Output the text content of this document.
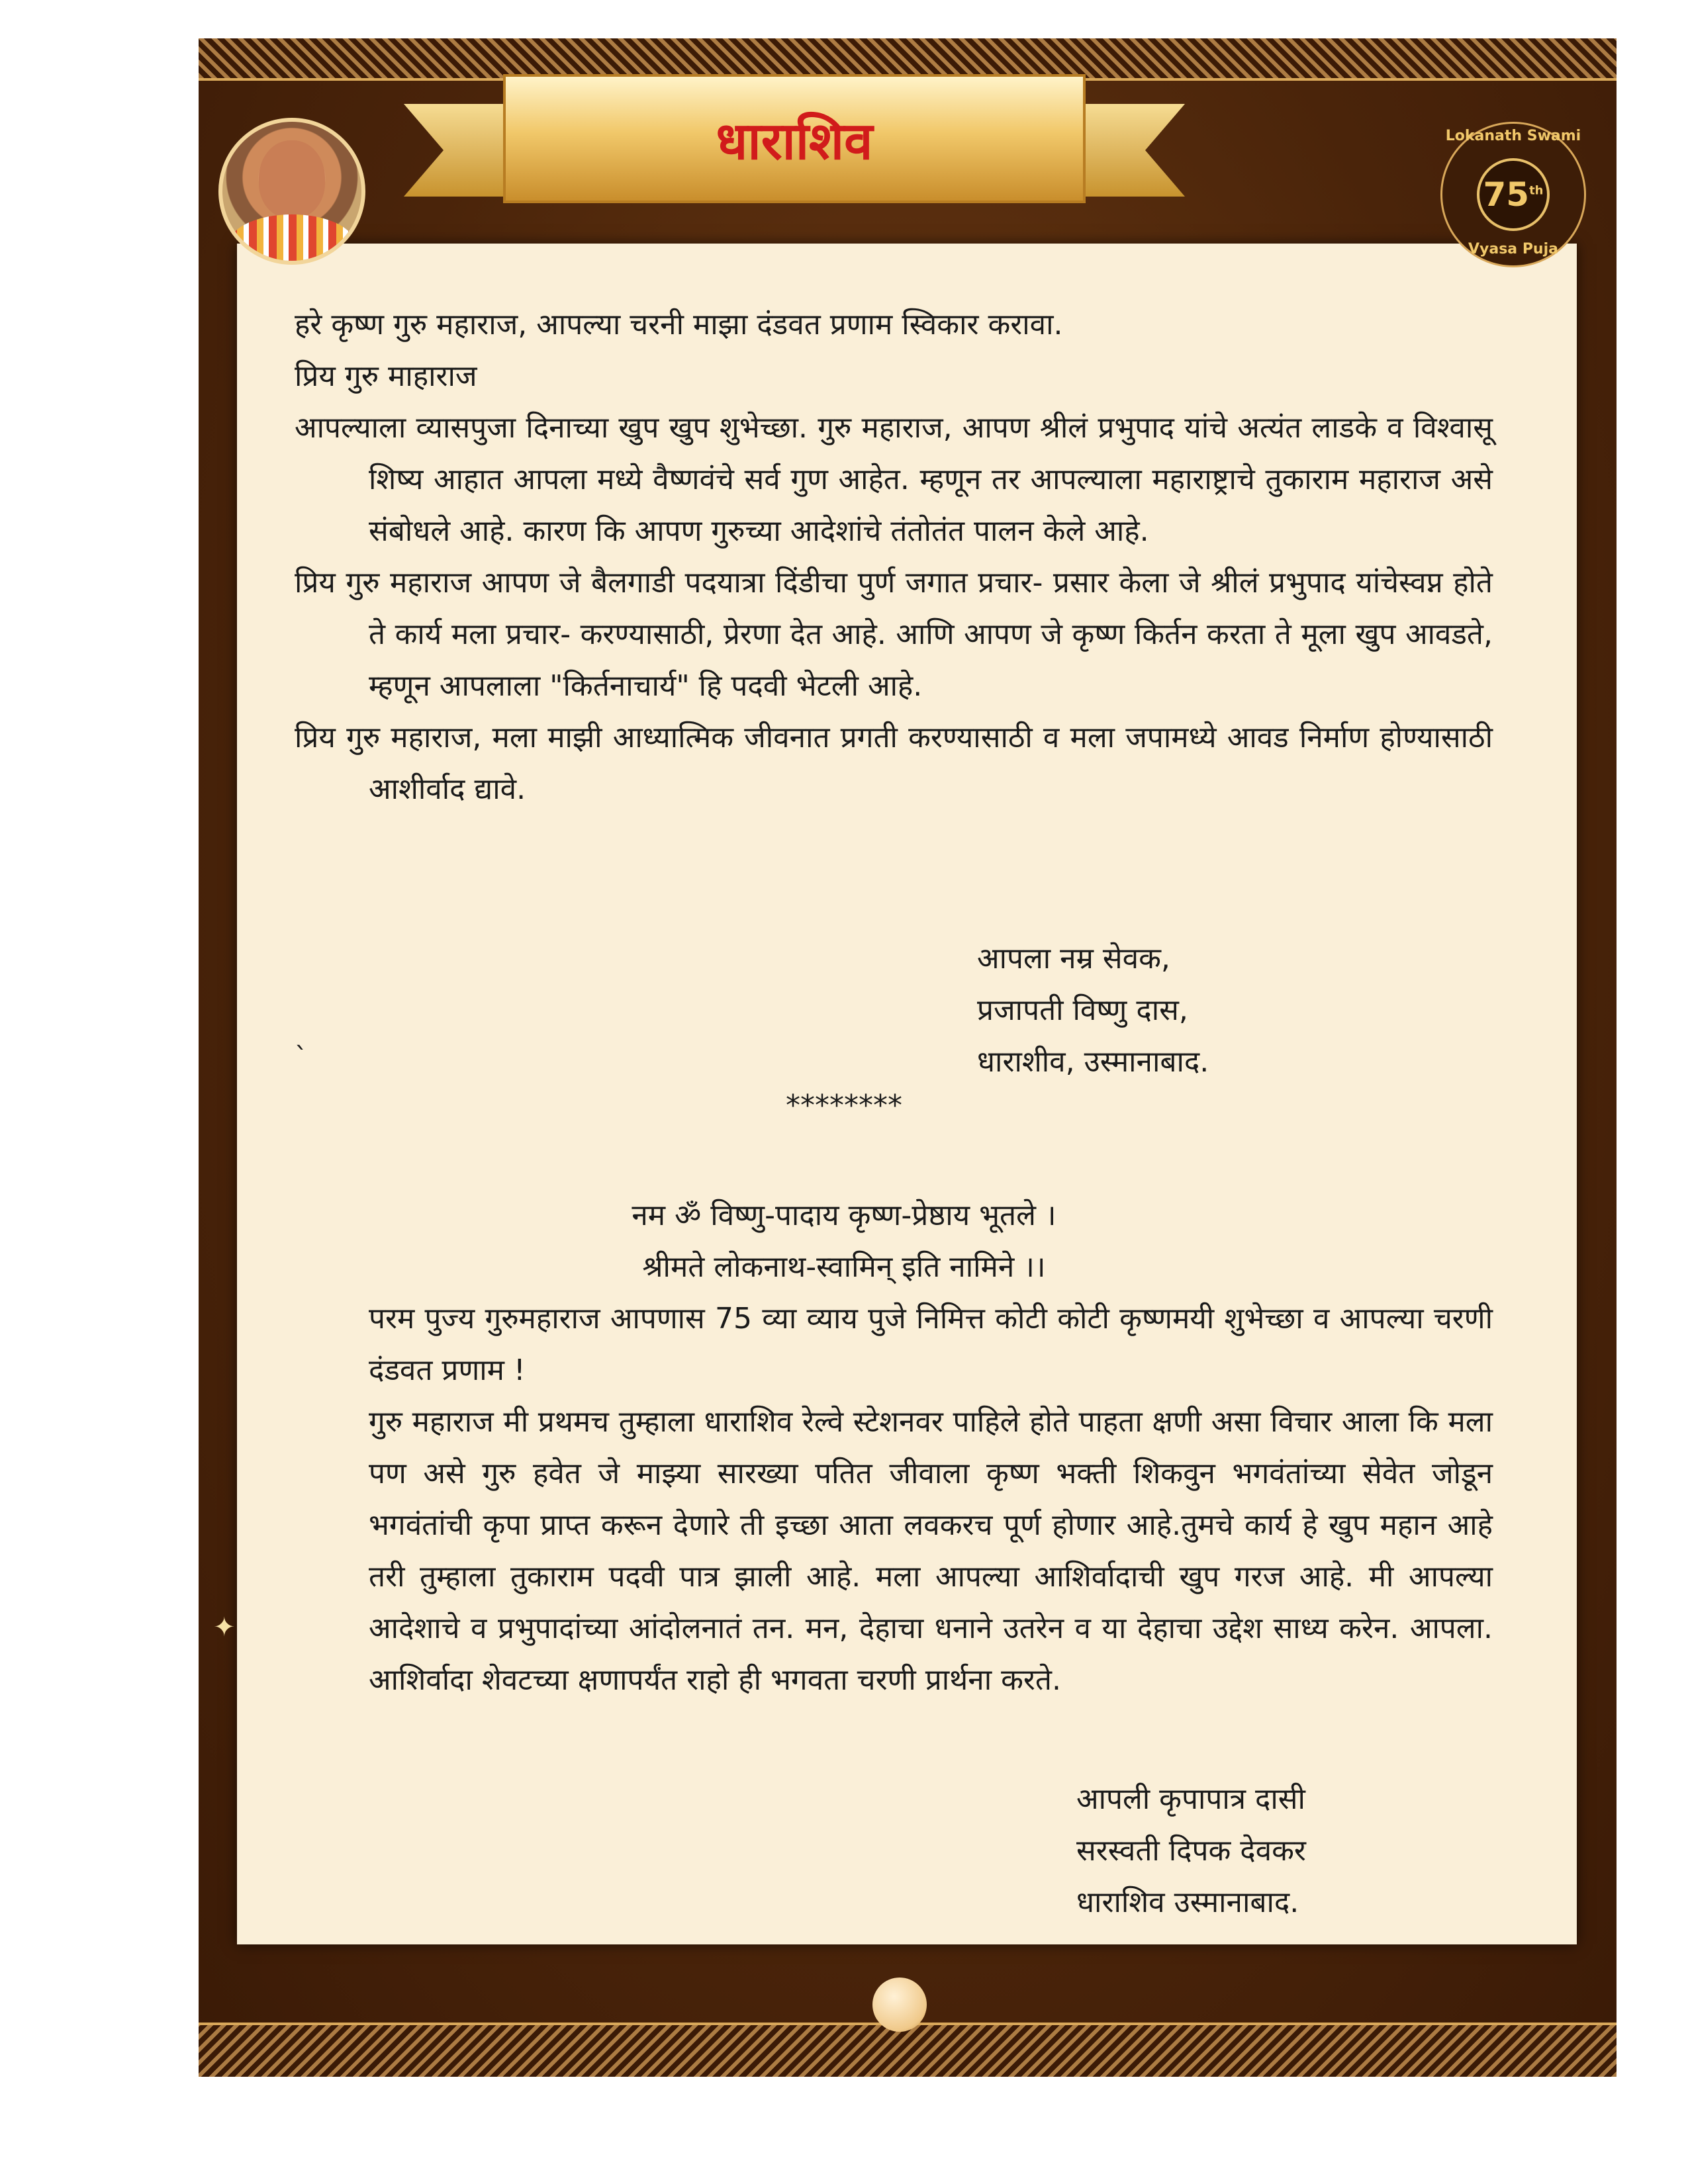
धाराशिव	Lokanath Swami
75th
Vyasa Puja

हरे कृष्ण गुरु महाराज, आपल्या चरनी माझा दंडवत प्रणाम स्विकार करावा.

प्रिय गुरु माहाराज

आपल्याला व्यासपुजा दिनाच्या खुप खुप शुभेच्छा. गुरु महाराज, आपण श्रीलं प्रभुपाद यांचे अत्यंत लाडके व विश्वासू शिष्य आहात आपला मध्ये वैष्णवंचे सर्व गुण आहेत. म्हणून तर आपल्याला महाराष्ट्राचे तुकाराम महाराज असे संबोधले आहे. कारण कि आपण गुरुच्या आदेशांचे तंतोतंत पालन केले आहे.

प्रिय गुरु महाराज आपण जे बैलगाडी पदयात्रा दिंडीचा पुर्ण जगात प्रचार- प्रसार केला जे श्रीलं प्रभुपाद यांचेस्वप्न होते ते कार्य मला प्रचार- करण्यासाठी, प्रेरणा देत आहे. आणि आपण जे कृष्ण किर्तन करता ते मूला खुप आवडते, म्हणून आपलाला "किर्तनाचार्य" हि पदवी भेटली आहे.

प्रिय गुरु महाराज, मला माझी आध्यात्मिक जीवनात प्रगती करण्यासाठी व मला जपामध्ये आवड निर्माण होण्यासाठी आशीर्वाद द्यावे.

आपला नम्र सेवक,
प्रजापती विष्णु दास,
धाराशीव, उस्मानाबाद.
`
********
नम ॐ विष्णु-पादाय कृष्ण-प्रेष्ठाय भूतले ।
श्रीमते लोकनाथ-स्वामिन् इति नामिने ।।

परम पुज्य गुरुमहाराज आपणास 75 व्या व्याय पुजे निमित्त कोटी कोटी कृष्णमयी शुभेच्छा व आपल्या चरणी दंडवत प्रणाम !

गुरु महाराज मी प्रथमच तुम्हाला धाराशिव रेल्वे स्टेशनवर पाहिले होते पाहता क्षणी असा विचार आला कि मला पण असे गुरु हवेत जे माझ्या सारख्या पतित जीवाला कृष्ण भक्ती शिकवुन भगवंतांच्या सेवेत जोडून भगवंतांची कृपा प्राप्त करून देणारे ती इच्छा आता लवकरच पूर्ण होणार आहे.तुमचे कार्य हे खुप महान आहे तरी तुम्हाला तुकाराम पदवी पात्र झाली आहे. मला आपल्या आशिर्वादाची खुप गरज आहे. मी आपल्या आदेशाचे व प्रभुपादांच्या आंदोलनातं तन. मन, देहाचा धनाने उतरेन व या देहाचा उद्देश साध्य करेन. आपला. आशिर्वादा शेवटच्या क्षणापर्यंत राहो ही भगवता चरणी प्रार्थना करते.

आपली कृपापात्र दासी
सरस्वती दिपक देवकर
धाराशिव उस्मानाबाद.
✦
